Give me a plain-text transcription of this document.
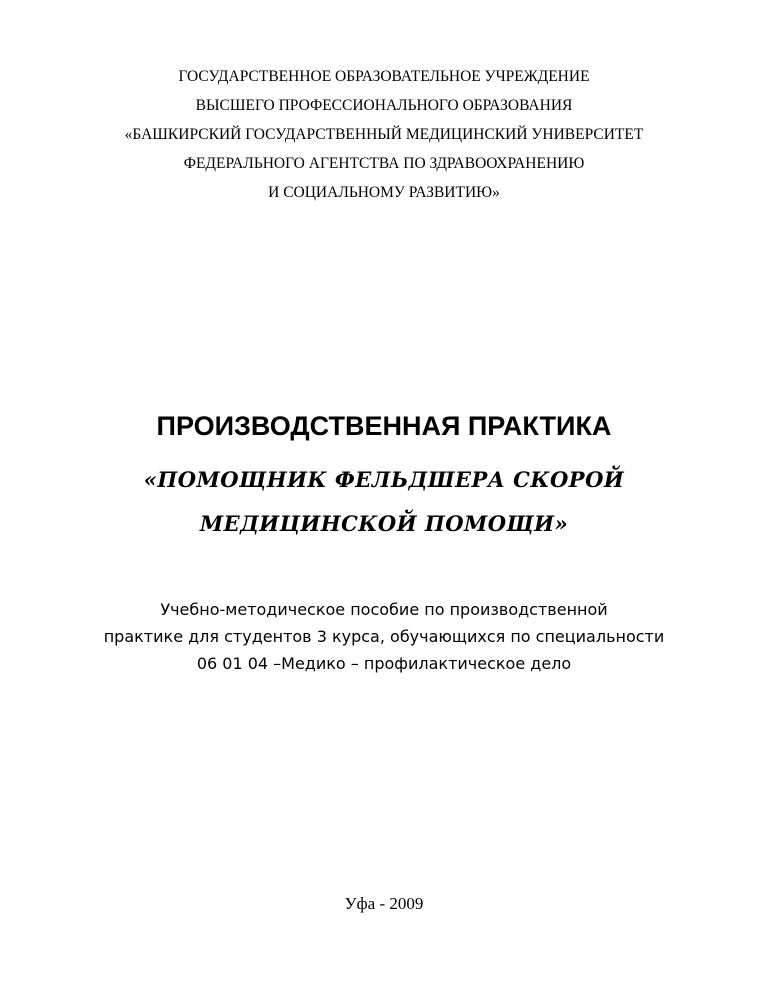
ГОСУДАРСТВЕННОЕ ОБРАЗОВАТЕЛЬНОЕ УЧРЕЖДЕНИЕ
ВЫСШЕГО ПРОФЕССИОНАЛЬНОГО ОБРАЗОВАНИЯ
«БАШКИРСКИЙ ГОСУДАРСТВЕННЫЙ МЕДИЦИНСКИЙ УНИВЕРСИТЕТ
ФЕДЕРАЛЬНОГО АГЕНТСТВА ПО ЗДРАВООХРАНЕНИЮ
И СОЦИАЛЬНОМУ РАЗВИТИЮ»
ПРОИЗВОДСТВЕННАЯ ПРАКТИКА
«ПОМОЩНИК ФЕЛЬДШЕРА СКОРОЙ
МЕДИЦИНСКОЙ ПОМОЩИ»
Учебно-методическое пособие по производственной
практике для студентов 3 курса, обучающихся по специальности
06 01 04 –Медико – профилактическое дело
Уфа - 2009
